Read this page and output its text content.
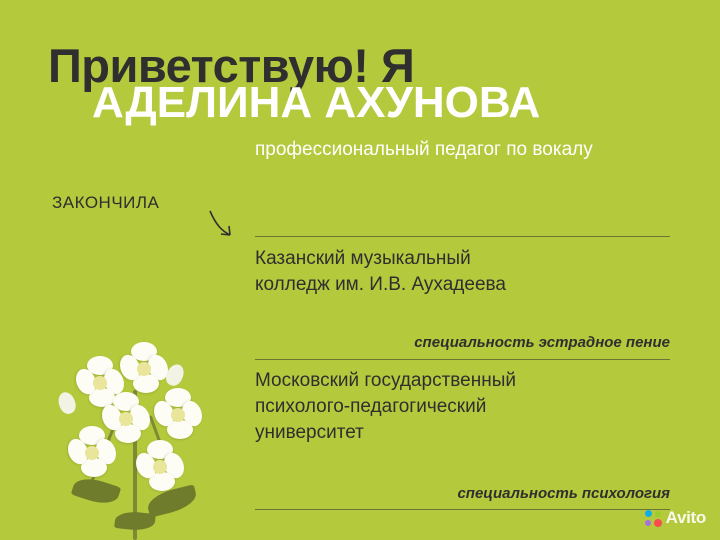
Приветствую! Я
АДЕЛИНА АХУНОВА
профессиональный педагог по вокалу
ЗАКОНЧИЛА
Казанский музыкальный
колледж им. И.В. Аухадеева
специальность эстрадное пение
Московский государственный
психолого-педагогический
университет
специальность психология
Avito
